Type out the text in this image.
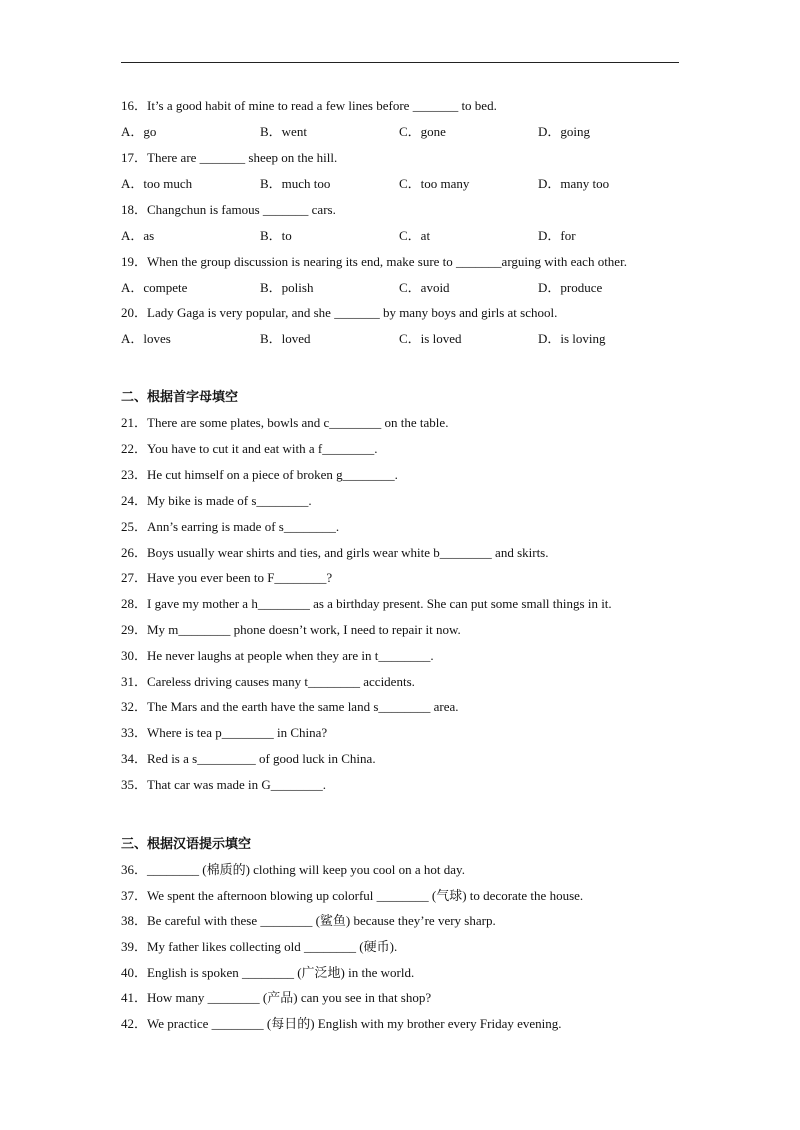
16．It’s a good habit of mine to read a few lines before _______ to bed.
A．go	B．went	C．gone	D．going
17．There are _______ sheep on the hill.
A．too much	B．much too	C．too many	D．many too
18．Changchun is famous _______ cars.
A．as	B．to	C．at	D．for
19．When the group discussion is nearing its end, make sure to _______arguing with each other.
A．compete	B．polish	C．avoid	D．produce
20．Lady Gaga is very popular, and she _______ by many boys and girls at school.
A．loves	B．loved	C．is loved	D．is loving
二、根据首字母填空
21．There are some plates, bowls and c________ on the table.
22．You have to cut it and eat with a f________.
23．He cut himself on a piece of broken g________.
24．My bike is made of s________.
25．Ann’s earring is made of s________.
26．Boys usually wear shirts and ties, and girls wear white b________ and skirts.
27．Have you ever been to F________?
28．I gave my mother a h________ as a birthday present. She can put some small things in it.
29．My m________ phone doesn’t work, I need to repair it now.
30．He never laughs at people when they are in t________.
31．Careless driving causes many t________ accidents.
32．The Mars and the earth have the same land s________ area.
33．Where is tea p________ in China?
34．Red is a s_________ of good luck in China.
35．That car was made in G________.
三、根据汉语提示填空
36．________ (棉质的) clothing will keep you cool on a hot day.
37．We spent the afternoon blowing up colorful ________ (气球) to decorate the house.
38．Be careful with these ________ (鲨鱼) because they’re very sharp.
39．My father likes collecting old ________ (硬币).
40．English is spoken ________ (广泛地) in the world.
41．How many ________ (产品) can you see in that shop?
42．We practice ________ (每日的) English with my brother every Friday evening.
